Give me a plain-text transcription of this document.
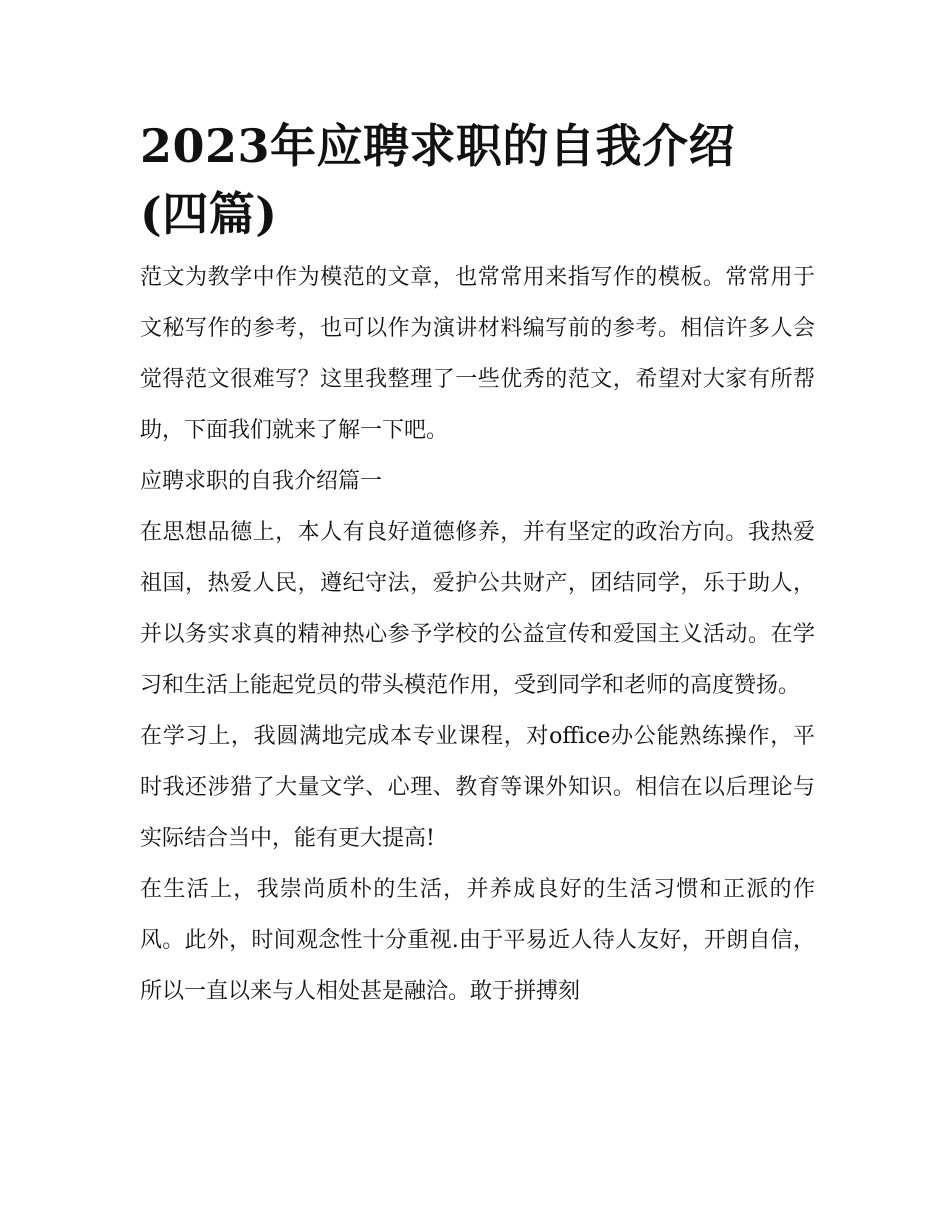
2023年应聘求职的自我介绍
(四篇)

范文为教学中作为模范的文章，也常常用来指写作的模板。常常用于文秘写作的参考，也可以作为演讲材料编写前的参考。相信许多人会觉得范文很难写？这里我整理了一些优秀的范文，希望对大家有所帮助，下面我们就来了解一下吧。

应聘求职的自我介绍篇一

在思想品德上，本人有良好道德修养，并有坚定的政治方向。我热爱祖国，热爱人民，遵纪守法，爱护公共财产，团结同学，乐于助人，并以务实求真的精神热心参予学校的公益宣传和爱国主义活动。在学习和生活上能起党员的带头模范作用，受到同学和老师的高度赞扬。

在学习上，我圆满地完成本专业课程，对office办公能熟练操作，平时我还涉猎了大量文学、心理、教育等课外知识。相信在以后理论与实际结合当中，能有更大提高!

在生活上，我崇尚质朴的生活，并养成良好的生活习惯和正派的作风。此外，时间观念性十分重视.由于平易近人待人友好，开朗自信，所以一直以来与人相处甚是融洽。敢于拼搏刻
